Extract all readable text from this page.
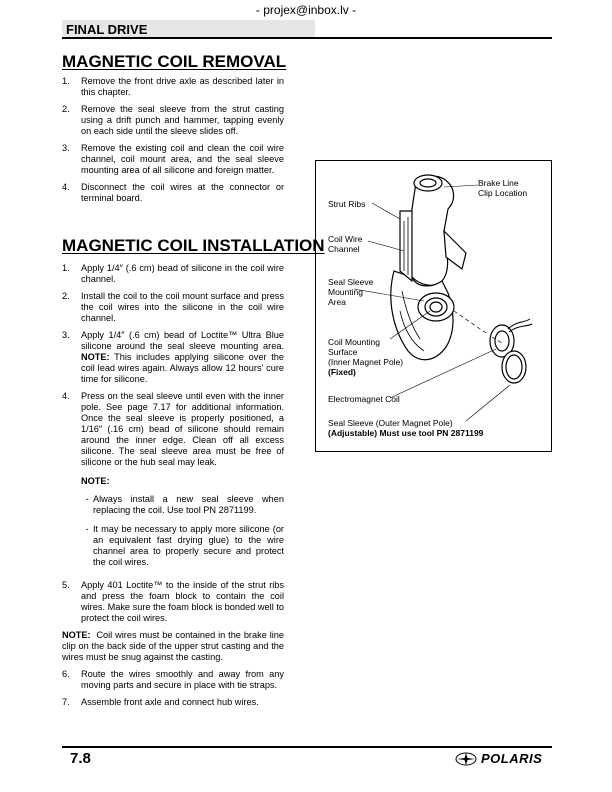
- projex@inbox.lv -
FINAL DRIVE
MAGNETIC COIL REMOVAL
1.	Remove the front drive axle as described later in this chapter.
2.	Remove the seal sleeve from the strut casting using a drift punch and hammer, tapping evenly on each side until the sleeve slides off.
3.	Remove the existing coil and clean the coil wire channel, coil mount area, and the seal sleeve mounting area of all silicone and foreign matter.
4.	Disconnect the coil wires at the connector or terminal board.
MAGNETIC COIL INSTALLATION
1.	Apply 1/4″ (.6 cm) bead of silicone in the coil wire channel.
2.	Install the coil to the coil mount surface and press the coil wires into the silicone in the coil wire channel.
3.	Apply 1/4″ (.6 cm) bead of Loctite™ Ultra Blue silicone around the seal sleeve mounting area. NOTE: This includes applying silicone over the coil lead wires again. Always allow 12 hours’ cure time for silicone.
4.	Press on the seal sleeve until even with the inner pole. See page 7.17 for additional information. Once the seal sleeve is properly positioned, a 1/16″ (.16 cm) bead of silicone should remain around the inner edge. Clean off all excess silicone. The seal sleeve area must be free of silicone or the hub seal may leak.
NOTE:
- Always install a new seal sleeve when replacing the coil. Use tool PN 2871199.
- It may be necessary to apply more silicone (or an equivalent fast drying glue) to the wire channel area to properly secure and protect the coil wires.
5.	Apply 401 Loctite™ to the inside of the strut ribs and press the foam block to contain the coil wires. Make sure the foam block is bonded well to protect the coil wires.
NOTE: Coil wires must be contained in the brake line clip on the back side of the upper strut casting and the wires must be snug against the casting.
6.	Route the wires smoothly and away from any moving parts and secure in place with tie straps.
7.	Assemble front axle and connect hub wires.
Brake Line
Clip Location
Strut Ribs
Coil Wire
Channel
Seal Sleeve
Mounting
Area
Coil Mounting
Surface
(Inner Magnet Pole)
(Fixed)
Electromagnet Coil
Seal Sleeve (Outer Magnet Pole)
(Adjustable) Must use tool PN 2871199
7.8	POLARIS
